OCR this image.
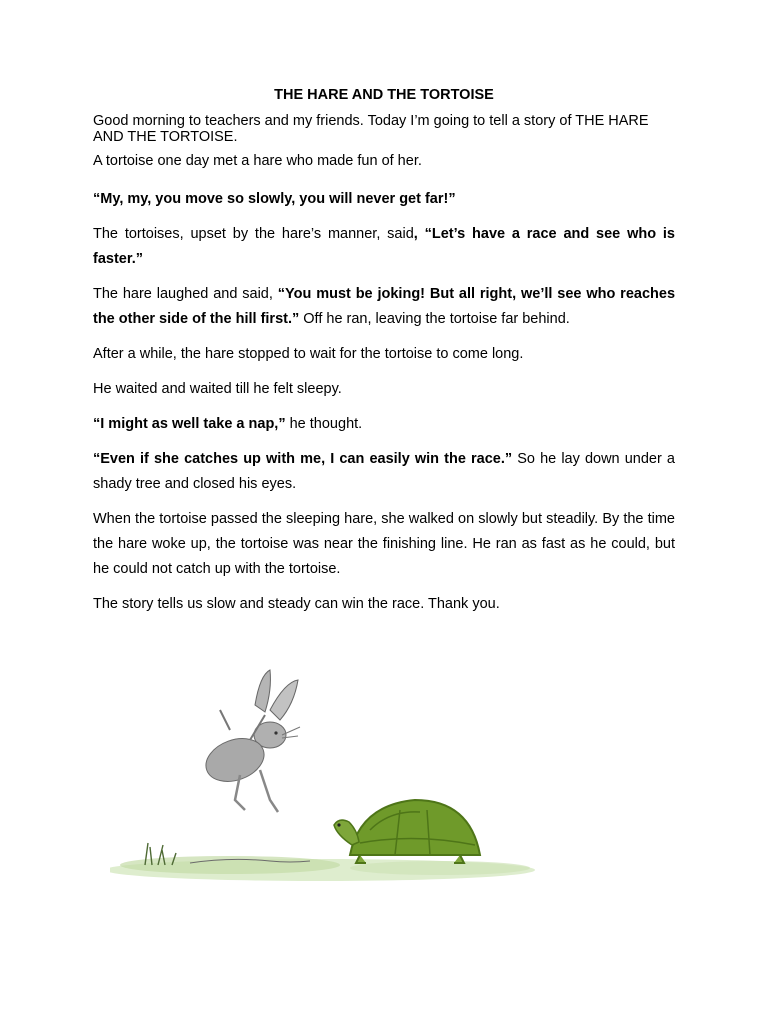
THE HARE AND THE TORTOISE

Good morning to teachers and my friends. Today I’m going to tell a story of THE HARE AND THE TORTOISE.

A tortoise one day met a hare who made fun of her.

“My, my, you move so slowly, you will never get far!”

The tortoises, upset by the hare’s manner, said, “Let’s have a race and see who is faster.”

The hare laughed and said, “You must be joking! But all right, we’ll see who reaches the other side of the hill first.” Off he ran, leaving the tortoise far behind.

After a while, the hare stopped to wait for the tortoise to come long.

He waited and waited till he felt sleepy.

“I might as well take a nap,” he thought.

“Even if she catches up with me, I can easily win the race.” So he lay down under a shady tree and closed his eyes.

When the tortoise passed the sleeping hare, she walked on slowly but steadily. By the time the hare woke up, the tortoise was near the finishing line. He ran as fast as he could, but he could not catch up with the tortoise.

The story tells us slow and steady can win the race. Thank you.
